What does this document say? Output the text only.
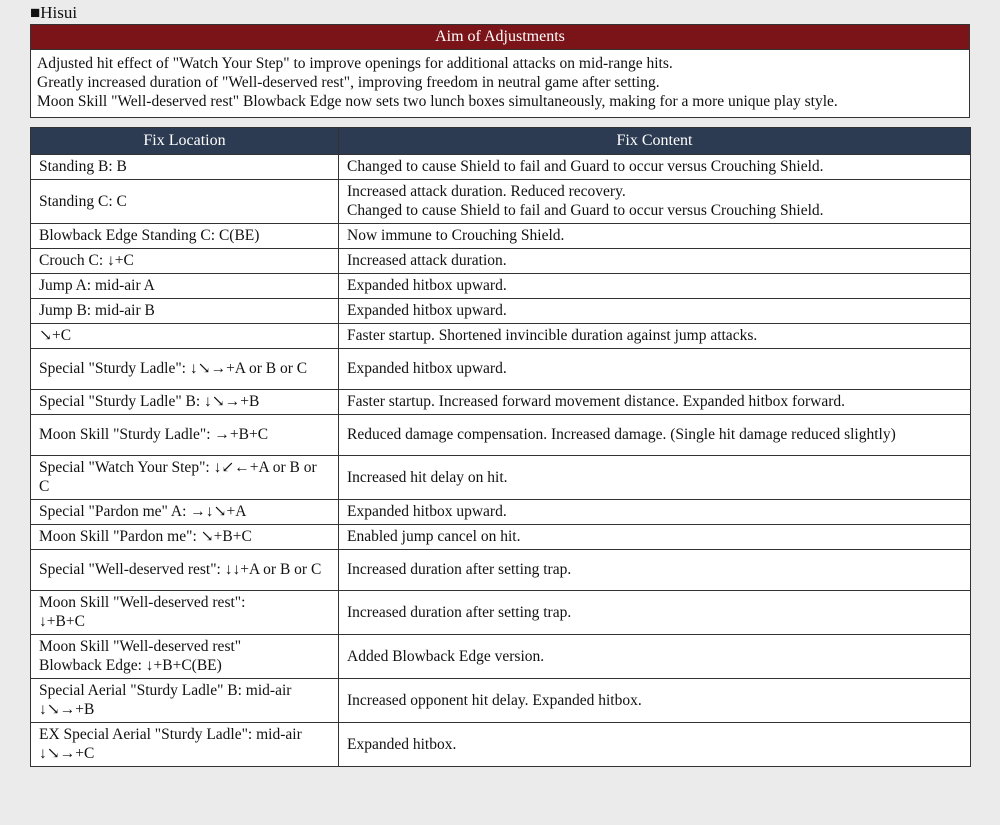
■Hisui
Aim of Adjustments
Adjusted hit effect of "Watch Your Step" to improve openings for additional attacks on mid-range hits.
Greatly increased duration of "Well-deserved rest", improving freedom in neutral game after setting.
Moon Skill "Well-deserved rest" Blowback Edge now sets two lunch boxes simultaneously, making for a more unique play style.
Fix Location	Fix Content
Standing B: B	Changed to cause Shield to fail and Guard to occur versus Crouching Shield.
Standing C: C	Increased attack duration. Reduced recovery.
Changed to cause Shield to fail and Guard to occur versus Crouching Shield.
Blowback Edge Standing C: C(BE)	Now immune to Crouching Shield.
Crouch C: ↓+C	Increased attack duration.
Jump A: mid-air A	Expanded hitbox upward.
Jump B: mid-air B	Expanded hitbox upward.
↘+C	Faster startup. Shortened invincible duration against jump attacks.
Special "Sturdy Ladle": ↓↘→+A or B or C	Expanded hitbox upward.
Special "Sturdy Ladle" B: ↓↘→+B	Faster startup. Increased forward movement distance. Expanded hitbox forward.
Moon Skill "Sturdy Ladle": →+B+C	Reduced damage compensation. Increased damage. (Single hit damage reduced slightly)
Special "Watch Your Step": ↓↙←+A or B or C	Increased hit delay on hit.
Special "Pardon me" A: →↓↘+A	Expanded hitbox upward.
Moon Skill "Pardon me": ↘+B+C	Enabled jump cancel on hit.
Special "Well-deserved rest": ↓↓+A or B or C	Increased duration after setting trap.
Moon Skill "Well-deserved rest":
↓+B+C	Increased duration after setting trap.
Moon Skill "Well-deserved rest"
Blowback Edge: ↓+B+C(BE)	Added Blowback Edge version.
Special Aerial "Sturdy Ladle" B: mid-air ↓↘→+B	Increased opponent hit delay. Expanded hitbox.
EX Special Aerial "Sturdy Ladle": mid-air ↓↘→+C	Expanded hitbox.
